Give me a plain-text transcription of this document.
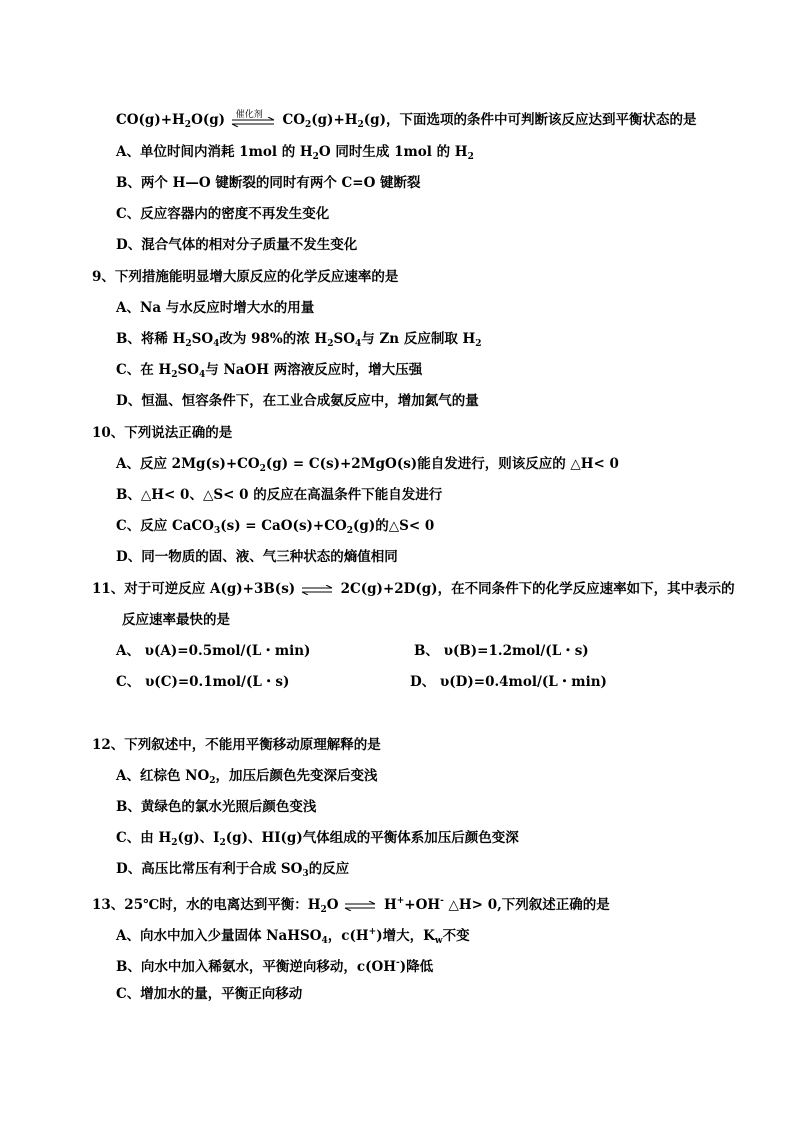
$CO(g)+H_2O(g)$ 催化剂 $CO_2(g)+H_2(g)$，下面选项的条件中可判断该反应达到平衡状态的是
A、单位时间内消耗 1mol 的 $H_2O$ 同时生成 1mol 的 $H_2$
B、两个 H—O 键断裂的同时有两个 C=O 键断裂
C、反应容器内的密度不再发生变化
D、混合气体的相对分子质量不发生变化
9、下列措施能明显增大原反应的化学反应速率的是
A、Na 与水反应时增大水的用量
B、将稀 $H_2SO_4$改为 98%的浓 $H_2SO_4$与 Zn 反应制取 $H_2$
C、在 $H_2SO_4$与 NaOH 两溶液反应时，增大压强
D、恒温、恒容条件下，在工业合成氨反应中，增加氮气的量
10、下列说法正确的是
A、反应 $2Mg(s)+CO_2(g) = C(s)+2MgO(s)$能自发进行，则该反应的 △H< 0
B、△H< 0、△S< 0 的反应在高温条件下能自发进行
C、反应 CaCO$_3$(s) = $CaO(s)+CO_2(g)$的△S< 0
D、同一物质的固、液、气三种状态的熵值相同
11、对于可逆反应 A(g)+3B(s) ⇌ 2C(g)+2D(g)，在不同条件下的化学反应速率如下，其中表示的
反应速率最快的是
A、 υ(A)=0.5mol/(L・min)	B、 υ(B)=1.2mol/(L・s)
C、 υ(C)=0.1mol/(L・s)	D、 υ(D)=0.4mol/(L・min)
12、下列叙述中，不能用平衡移动原理解释的是
A、红棕色 $NO_2$，加压后颜色先变深后变浅
B、黄绿色的氯水光照后颜色变浅
C、由 $H_2(g)$、$I_2(g)$、HI(g)气体组成的平衡体系加压后颜色变深
D、高压比常压有利于合成 $SO_3$的反应
13、25℃时，水的电离达到平衡：$H_2O$ ⇌ H++OH- △H> 0,下列叙述正确的是
A、向水中加入少量固体 NaHSO$_4$，c(H+)增大，$K_w$不变
B、向水中加入稀氨水，平衡逆向移动，c(OH-)降低
C、增加水的量，平衡正向移动
